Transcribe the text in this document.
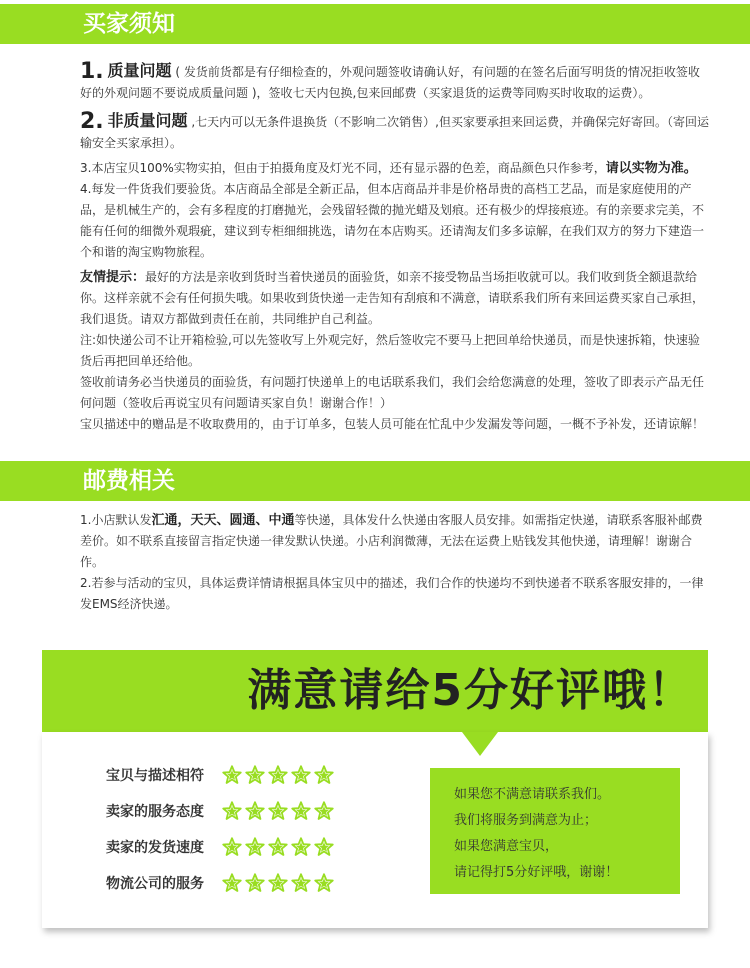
买家须知

1. 质量问题 ( 发货前货都是有仔细检查的，外观问题签收请确认好，有问题的在签名后面写明货的情况拒收签收好的外观问题不要说成质量问题 )，签收七天内包换,包来回邮费（买家退货的运费等同购买时收取的运费）。

2. 非质量问题 ,七天内可以无条件退换货（不影响二次销售）,但买家要承担来回运费，并确保完好寄回。（寄回运输安全买家承担）。

3.本店宝贝100%实物实拍，但由于拍摄角度及灯光不同，还有显示器的色差，商品颜色只作参考，请以实物为准。

4.每发一件货我们要验货。本店商品全部是全新正品，但本店商品并非是价格昂贵的高档工艺品，而是家庭使用的产品，是机械生产的，会有多程度的打磨抛光，会残留轻微的抛光蜡及划痕。还有极少的焊接痕迹。有的亲要求完美，不能有任何的细微外观瑕疵，建议到专柜细细挑选，请勿在本店购买。还请淘友们多多谅解，在我们双方的努力下建造一个和谐的淘宝购物旅程。

友情提示：最好的方法是亲收到货时当着快递员的面验货，如亲不接受物品当场拒收就可以。我们收到货全额退款给你。这样亲就不会有任何损失哦。如果收到货快递一走告知有刮痕和不满意，请联系我们所有来回运费买家自己承担，我们退货。请双方都做到责任在前，共同维护自己利益。

注:如快递公司不让开箱检验,可以先签收写上外观完好，然后签收完不要马上把回单给快递员，而是快速拆箱，快速验货后再把回单还给他。

签收前请务必当快递员的面验货，有问题打快递单上的电话联系我们，我们会给您满意的处理，签收了即表示产品无任何问题（签收后再说宝贝有问题请买家自负！谢谢合作！）

宝贝描述中的赠品是不收取费用的，由于订单多，包装人员可能在忙乱中少发漏发等问题，一概不予补发，还请谅解！

邮费相关

1.小店默认发汇通，天天、圆通、中通等快递，具体发什么快递由客服人员安排。如需指定快递，请联系客服补邮费差价。如不联系直接留言指定快递一律发默认快递。小店利润微薄，无法在运费上贴钱发其他快递，请理解！谢谢合作。

2.若参与活动的宝贝，具体运费详情请根据具体宝贝中的描述，我们合作的快递均不到快递者不联系客服安排的，一律发EMS经济快递。

满意请给5分好评哦！
宝贝与描述相符
卖家的服务态度
卖家的发货速度
物流公司的服务

如果您不满意请联系我们。

我们将服务到满意为止；

如果您满意宝贝，

请记得打5分好评哦，谢谢！
